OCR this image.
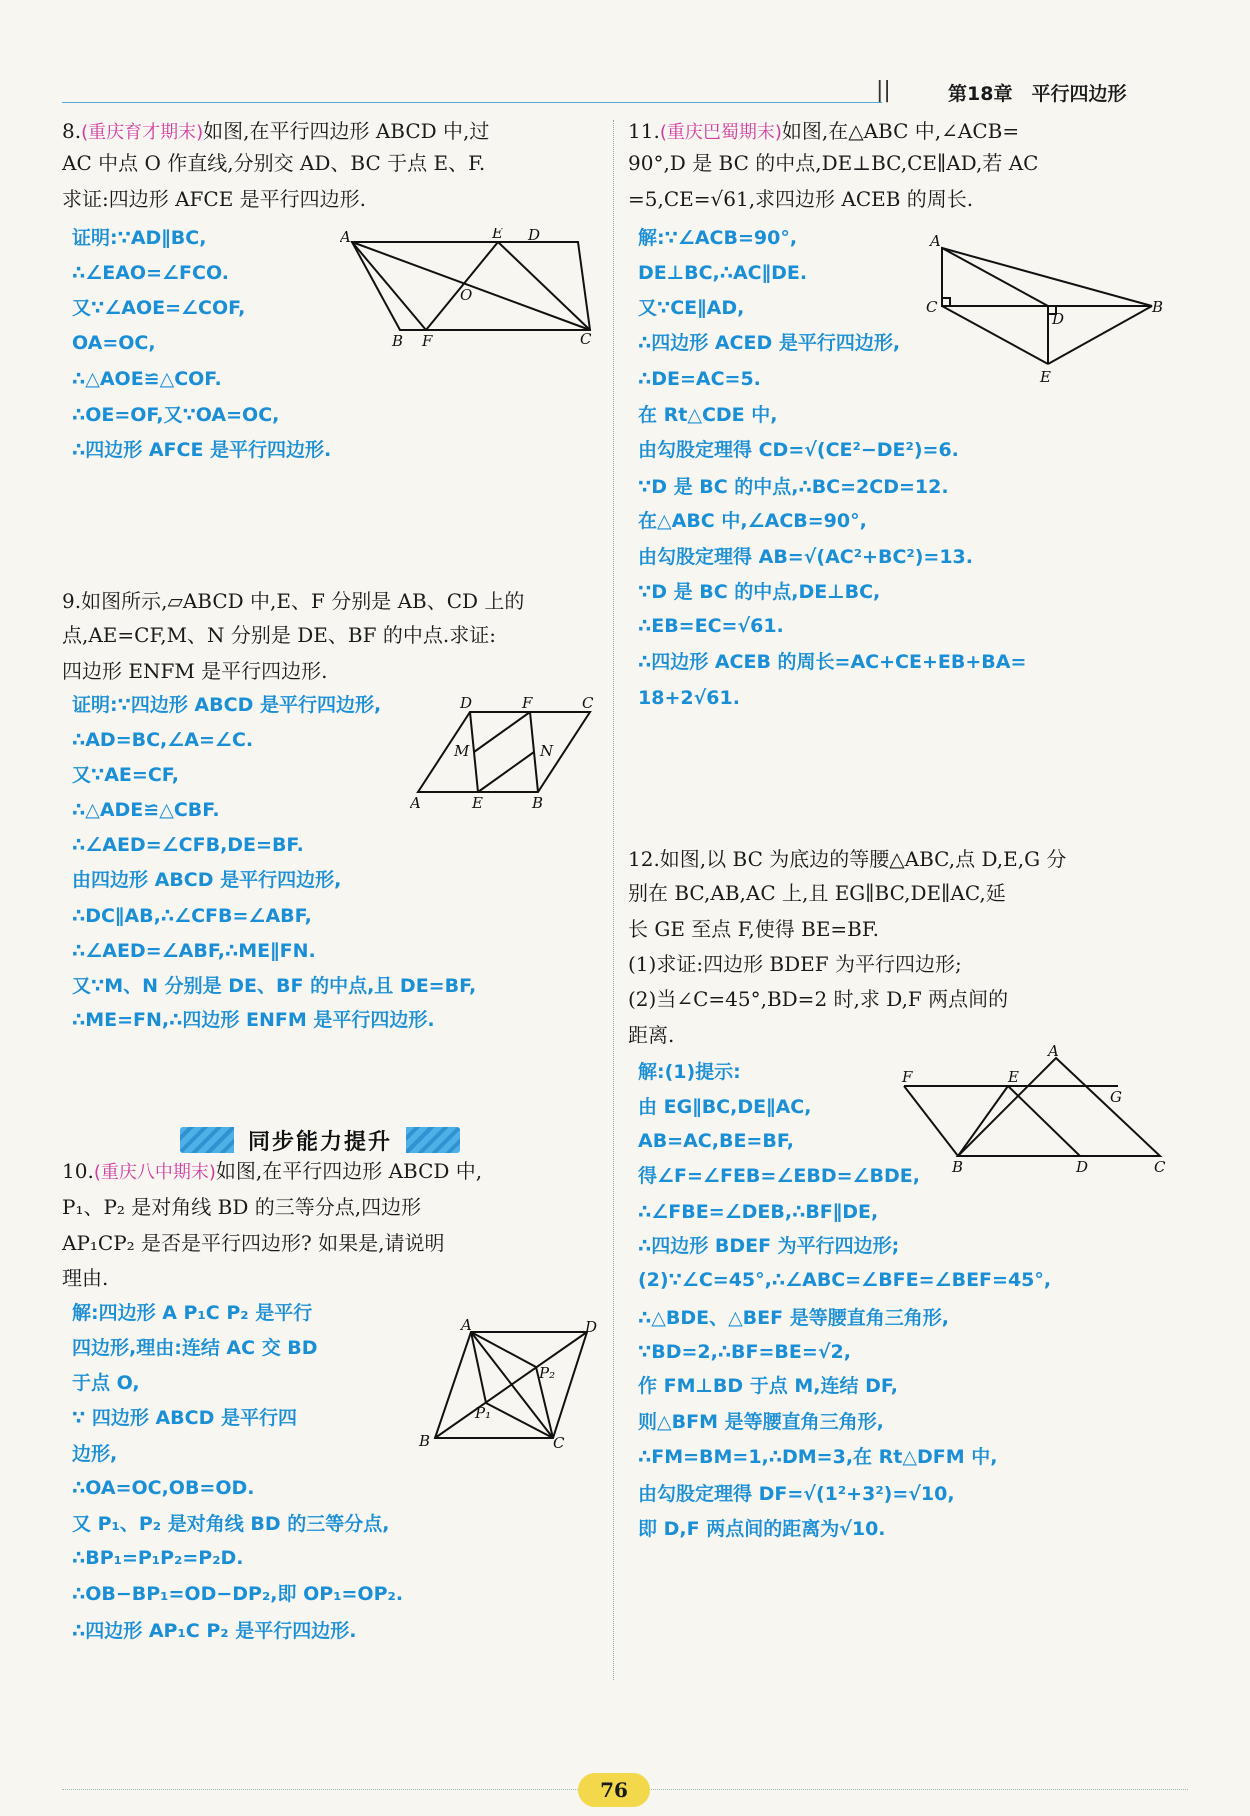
||	第18章　平行四边形
8.(重庆育才期末)如图,在平行四边形 ABCD 中,过
AC 中点 O 作直线,分别交 AD、BC 于点 E、F.
求证:四边形 AFCE 是平行四边形.
证明:∵AD∥BC,
∴∠EAO=∠FCO.
又∵∠AOE=∠COF,
OA=OC,
∴△AOE≌△COF.
∴OE=OF,又∵OA=OC,
∴四边形 AFCE 是平行四边形.
9.如图所示,▱ABCD 中,E、F 分别是 AB、CD 上的
点,AE=CF,M、N 分别是 DE、BF 的中点.求证:
四边形 ENFM 是平行四边形.
证明:∵四边形 ABCD 是平行四边形,
∴AD=BC,∠A=∠C.
又∵AE=CF,
∴△ADE≌△CBF.
∴∠AED=∠CFB,DE=BF.
由四边形 ABCD 是平行四边形,
∴DC∥AB,∴∠CFB=∠ABF,
∴∠AED=∠ABF,∴ME∥FN.
又∵M、N 分别是 DE、BF 的中点,且 DE=BF,
∴ME=FN,∴四边形 ENFM 是平行四边形.
10.(重庆八中期末)如图,在平行四边形 ABCD 中,
P₁、P₂ 是对角线 BD 的三等分点,四边形
AP₁CP₂ 是否是平行四边形? 如果是,请说明
理由.
解:四边形 A P₁C P₂ 是平行
四边形,理由:连结 AC 交 BD
于点 O,
∵ 四边形 ABCD 是平行四
边形,
∴OA=OC,OB=OD.
又 P₁、P₂ 是对角线 BD 的三等分点,
∴BP₁=P₁P₂=P₂D.
∴OB−BP₁=OD−DP₂,即 OP₁=OP₂.
∴四边形 AP₁C P₂ 是平行四边形.
11.(重庆巴蜀期末)如图,在△ABC 中,∠ACB=
90°,D 是 BC 的中点,DE⊥BC,CE∥AD,若 AC
=5,CE=√61,求四边形 ACEB 的周长.
解:∵∠ACB=90°,
DE⊥BC,∴AC∥DE.
又∵CE∥AD,
∴四边形 ACED 是平行四边形,
∴DE=AC=5.
在 Rt△CDE 中,
由勾股定理得 CD=√(CE²−DE²)=6.
∵D 是 BC 的中点,∴BC=2CD=12.
在△ABC 中,∠ACB=90°,
由勾股定理得 AB=√(AC²+BC²)=13.
∵D 是 BC 的中点,DE⊥BC,
∴EB=EC=√61.
∴四边形 ACEB 的周长=AC+CE+EB+BA=
18+2√61.
12.如图,以 BC 为底边的等腰△ABC,点 D,E,G 分
别在 BC,AB,AC 上,且 EG∥BC,DE∥AC,延
长 GE 至点 F,使得 BE=BF.
(1)求证:四边形 BDEF 为平行四边形;
(2)当∠C=45°,BD=2 时,求 D,F 两点间的
距离.
解:(1)提示:
由 EG∥BC,DE∥AC,
AB=AC,BE=BF,
得∠F=∠FEB=∠EBD=∠BDE,
∴∠FBE=∠DEB,∴BF∥DE,
∴四边形 BDEF 为平行四边形;
(2)∵∠C=45°,∴∠ABC=∠BFE=∠BEF=45°,
∴△BDE、△BEF 是等腰直角三角形,
∵BD=2,∴BF=BE=√2,
作 FM⊥BD 于点 M,连结 DF,
则△BFM 是等腰直角三角形,
∴FM=BM=1,∴DM=3,在 Rt△DFM 中,
由勾股定理得 DF=√(1²+3²)=√10,
即 D,F 两点间的距离为√10.
同步能力提升
A	E D
O
B F	C
D	F	C
M	N
A	E	B
A	D
P₂
P₁
B	C
A
C
D
B
E
A
F	E
G
B	D	C
76
